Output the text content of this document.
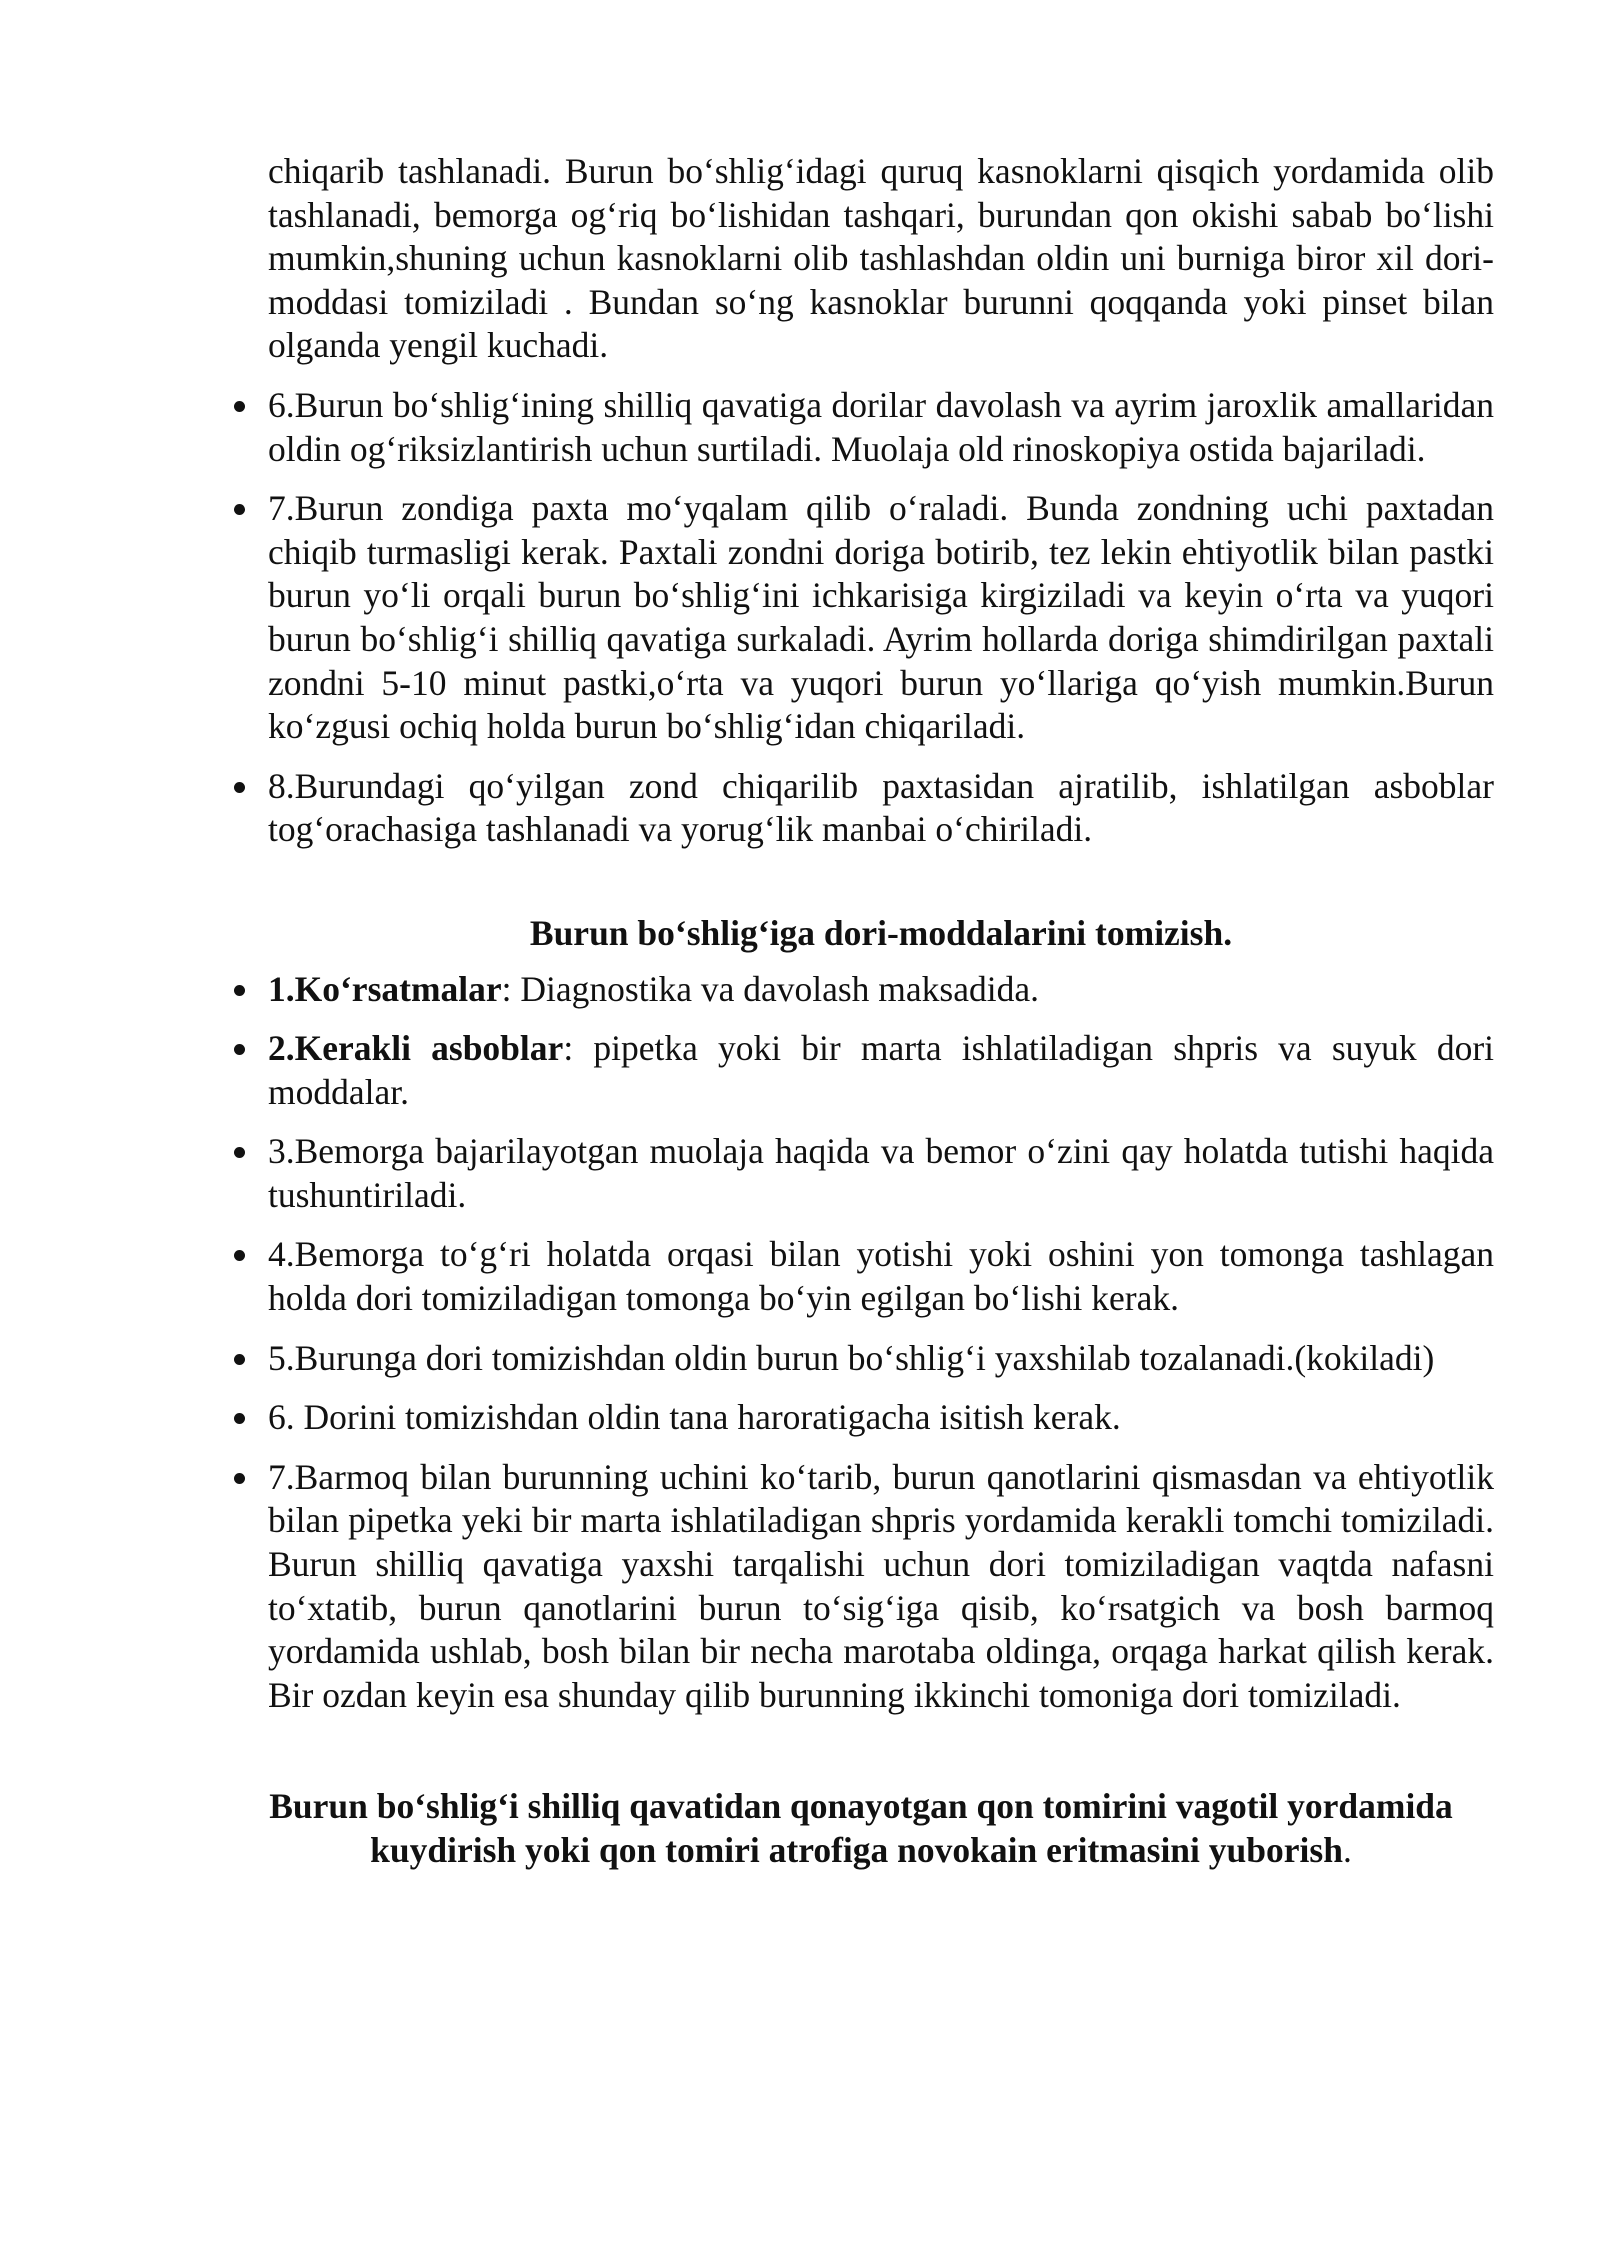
chiqarib tashlanadi. Burun bo‘shlig‘idagi quruq kasnoklarni qisqich yordamida olib tashlanadi, bemorga og‘riq bo‘lishidan tashqari, burundan qon okishi sabab bo‘lishi mumkin,shuning uchun kasnoklarni olib tashlashdan oldin uni burniga biror xil dori-moddasi tomiziladi . Bundan so‘ng kasnoklar burunni qoqqanda yoki pinset bilan olganda yengil kuchadi.

6.Burun bo‘shlig‘ining shilliq qavatiga dorilar davolash va ayrim jaroxlik amallaridan oldin og‘riksizlantirish uchun surtiladi. Muolaja old rinoskopiya ostida bajariladi.
7.Burun zondiga paxta mo‘yqalam qilib o‘raladi. Bunda zondning uchi paxtadan chiqib turmasligi kerak. Paxtali zondni doriga botirib, tez lekin ehtiyotlik bilan pastki burun yo‘li orqali burun bo‘shlig‘ini ichkarisiga kirgiziladi va keyin o‘rta va yuqori burun bo‘shlig‘i shilliq qavatiga surkaladi. Ayrim hollarda doriga shimdirilgan paxtali zondni 5-10 minut pastki,o‘rta va yuqori burun yo‘llariga qo‘yish mumkin.Burun ko‘zgusi ochiq holda burun bo‘shlig‘idan chiqariladi.
8.Burundagi qo‘yilgan zond chiqarilib paxtasidan ajratilib, ishlatilgan asboblar tog‘orachasiga tashlanadi va yorug‘lik manbai o‘chiriladi.

Burun bo‘shlig‘iga dori-moddalarini tomizish.

1.Ko‘rsatmalar: Diagnostika va davolash maksadida.
2.Kerakli asboblar: pipetka yoki bir marta ishlatiladigan shpris va suyuk dori moddalar.
3.Bemorga bajarilayotgan muolaja haqida va bemor o‘zini qay holatda tutishi haqida tushuntiriladi.
4.Bemorga to‘g‘ri holatda orqasi bilan yotishi yoki oshini yon tomonga tashlagan holda dori tomiziladigan tomonga bo‘yin egilgan bo‘lishi kerak.
5.Burunga dori tomizishdan oldin burun bo‘shlig‘i yaxshilab tozalanadi.(kokiladi)
6. Dorini tomizishdan oldin tana haroratigacha isitish kerak.
7.Barmoq bilan burunning uchini ko‘tarib, burun qanotlarini qismasdan va ehtiyotlik bilan pipetka yeki bir marta ishlatiladigan shpris yordamida kerakli tomchi tomiziladi. Burun shilliq qavatiga yaxshi tarqalishi uchun dori tomiziladigan vaqtda nafasni to‘xtatib, burun qanotlarini burun to‘sig‘iga qisib, ko‘rsatgich va bosh barmoq yordamida ushlab, bosh bilan bir necha marotaba oldinga, orqaga harkat qilish kerak. Bir ozdan keyin esa shunday qilib burunning ikkinchi tomoniga dori tomiziladi.

Burun bo‘shlig‘i shilliq qavatidan qonayotgan qon tomirini vagotil yordamida kuydirish yoki qon tomiri atrofiga novokain eritmasini yuborish.
